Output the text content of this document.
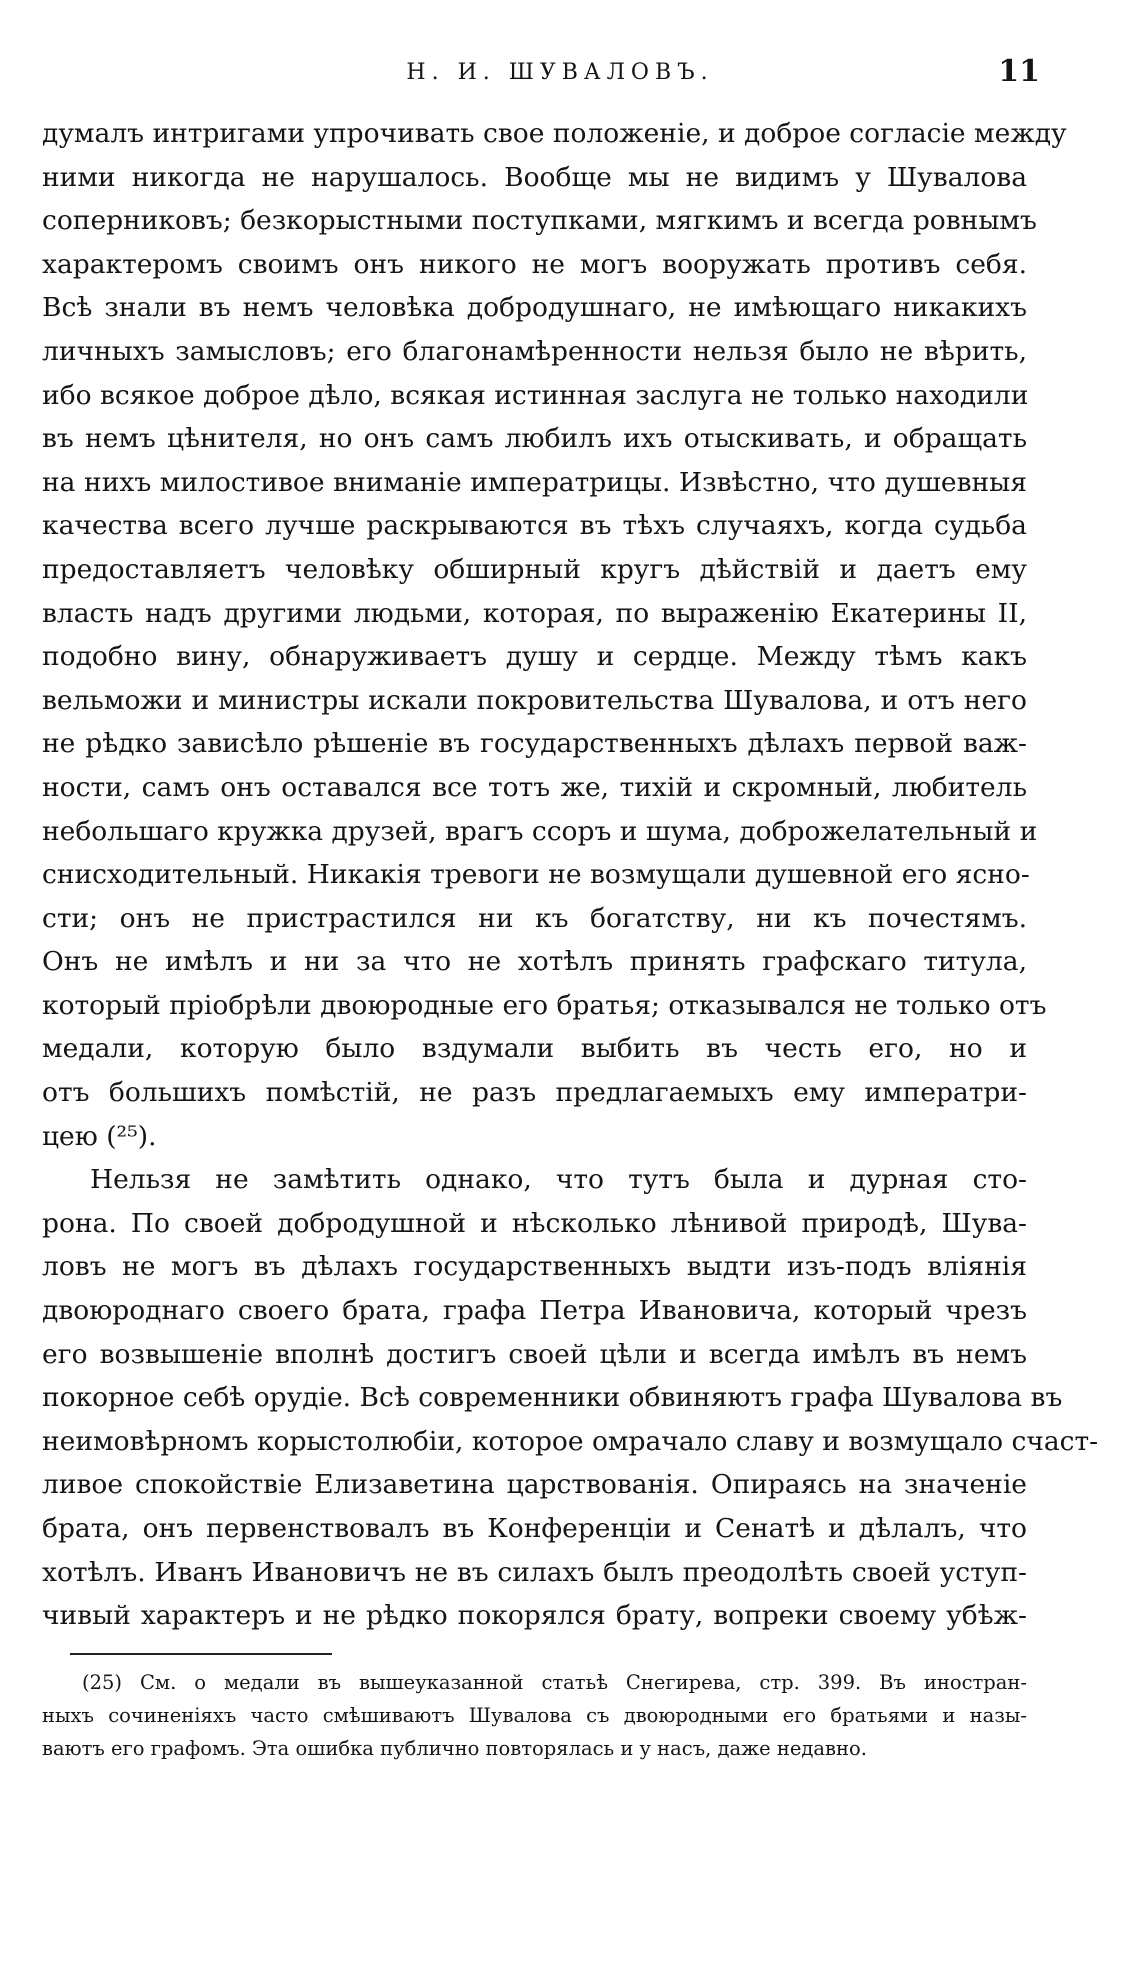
Н. И. ШУВАЛОВЪ.	11
думалъ интригами упрочивать свое положеніе, и доброе согласіе между
ними никогда не нарушалось. Вообще мы не видимъ у Шувалова
соперниковъ; безкорыстными поступками, мягкимъ и всегда ровнымъ
характеромъ своимъ онъ никого не могъ вооружать противъ себя.
Всѣ знали въ немъ человѣка добродушнаго, не имѣющаго никакихъ
личныхъ замысловъ; его благонамѣренности нельзя было не вѣрить,
ибо всякое доброе дѣло, всякая истинная заслуга не только находили
въ немъ цѣнителя, но онъ самъ любилъ ихъ отыскивать, и обращать
на нихъ милостивое вниманіе императрицы. Извѣстно, что душевныя
качества всего лучше раскрываются въ тѣхъ случаяхъ, когда судьба
предоставляетъ человѣку обширный кругъ дѣйствій и даетъ ему
власть надъ другими людьми, которая, по выраженію Екатерины II,
подобно вину, обнаруживаетъ душу и сердце. Между тѣмъ какъ
вельможи и министры искали покровительства Шувалова, и отъ него
не рѣдко зависѣло рѣшеніе въ государственныхъ дѣлахъ первой важ-
ности, самъ онъ оставался все тотъ же, тихій и скромный, любитель
небольшаго кружка друзей, врагъ ссоръ и шума, доброжелательный и
снисходительный. Никакія тревоги не возмущали душевной его ясно-
сти; онъ не пристрастился ни къ богатству, ни къ почестямъ.
Онъ не имѣлъ и ни за что не хотѣлъ принять графскаго титула,
который пріобрѣли двоюродные его братья; отказывался не только отъ
медали, которую было вздумали выбить въ честь его, но и
отъ большихъ помѣстій, не разъ предлагаемыхъ ему императри-
цею (²⁵).
Нельзя не замѣтить однако, что тутъ была и дурная сто-
рона. По своей добродушной и нѣсколько лѣнивой природѣ, Шува-
ловъ не могъ въ дѣлахъ государственныхъ выдти изъ-подъ вліянія
двоюроднаго своего брата, графа Петра Ивановича, который чрезъ
его возвышеніе вполнѣ достигъ своей цѣли и всегда имѣлъ въ немъ
покорное себѣ орудіе. Всѣ современники обвиняютъ графа Шувалова въ
неимовѣрномъ корыстолюбіи, которое омрачало славу и возмущало счаст-
ливое спокойствіе Елизаветина царствованія. Опираясь на значеніе
брата, онъ первенствовалъ въ Конференціи и Сенатѣ и дѣлалъ, что
хотѣлъ. Иванъ Ивановичъ не въ силахъ былъ преодолѣть своей уступ-
чивый характеръ и не рѣдко покорялся брату, вопреки своему убѣж-
(25) См. о медали въ вышеуказанной статьѣ Снегирева, стр. 399. Въ иностран-
ныхъ сочиненіяхъ часто смѣшиваютъ Шувалова съ двоюродными его братьями и назы-
ваютъ его графомъ. Эта ошибка публично повторялась и у насъ, даже недавно.
